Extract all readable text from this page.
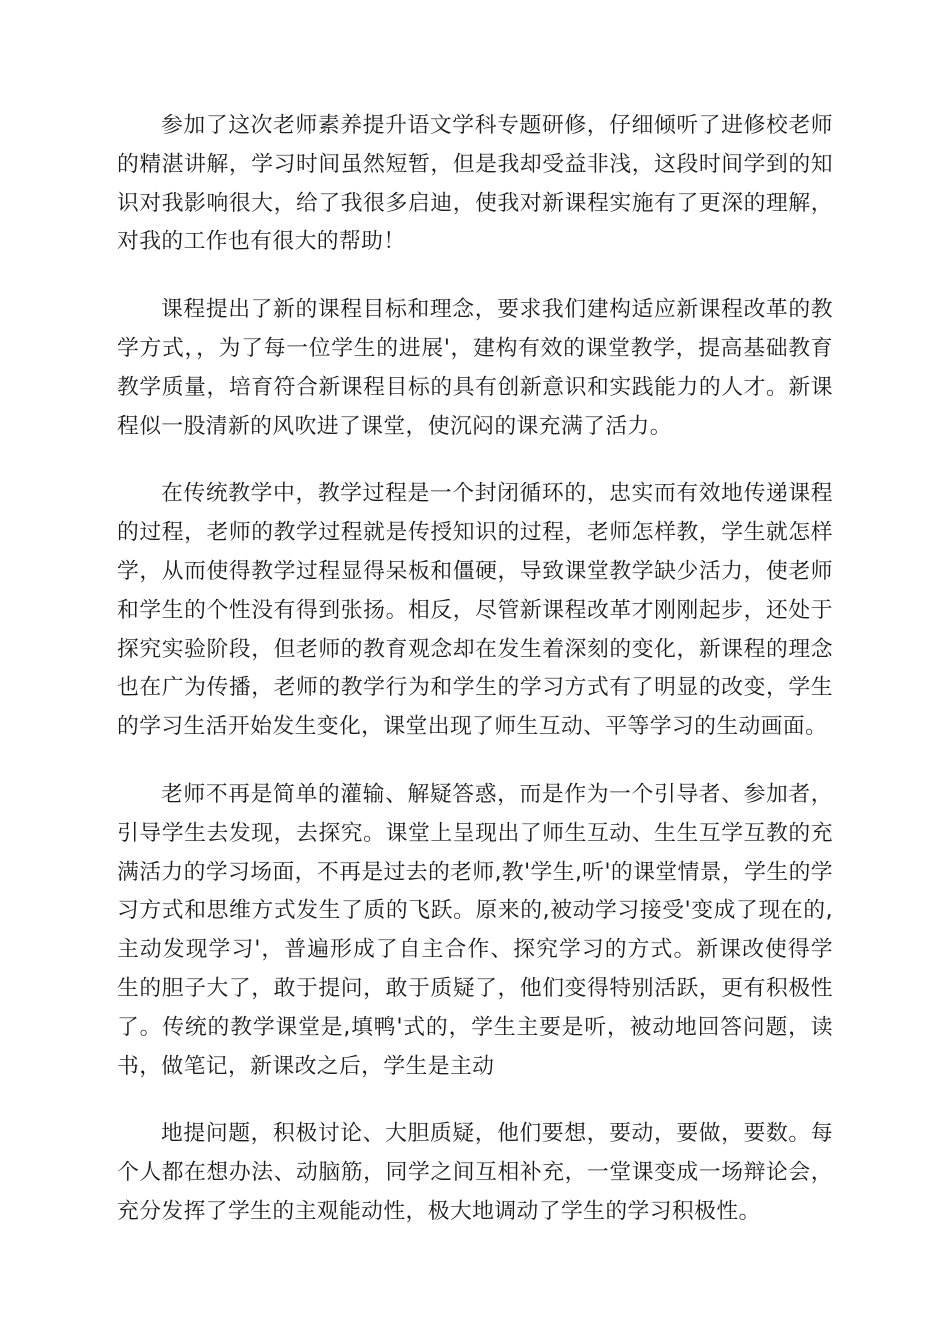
参加了这次老师素养提升语文学科专题研修，仔细倾听了进修校老师的精湛讲解，学习时间虽然短暂，但是我却受益非浅，这段时间学到的知识对我影响很大，给了我很多启迪，使我对新课程实施有了更深的理解，对我的工作也有很大的帮助！

课程提出了新的课程目标和理念，要求我们建构适应新课程改革的教学方式，，为了每一位学生的进展'，建构有效的课堂教学，提高基础教育教学质量，培育符合新课程目标的具有创新意识和实践能力的人才。新课程似一股清新的风吹进了课堂，使沉闷的课充满了活力。

在传统教学中，教学过程是一个封闭循环的，忠实而有效地传递课程的过程，老师的教学过程就是传授知识的过程，老师怎样教，学生就怎样学，从而使得教学过程显得呆板和僵硬，导致课堂教学缺少活力，使老师和学生的个性没有得到张扬。相反，尽管新课程改革才刚刚起步，还处于探究实验阶段，但老师的教育观念却在发生着深刻的变化，新课程的理念也在广为传播，老师的教学行为和学生的学习方式有了明显的改变，学生的学习生活开始发生变化，课堂出现了师生互动、平等学习的生动画面。

老师不再是简单的灌输、解疑答惑，而是作为一个引导者、参加者，引导学生去发现，去探究。课堂上呈现出了师生互动、生生互学互教的充满活力的学习场面，不再是过去的老师,教'学生,听'的课堂情景，学生的学习方式和思维方式发生了质的飞跃。原来的,被动学习接受'变成了现在的,主动发现学习'，普遍形成了自主合作、探究学习的方式。新课改使得学生的胆子大了，敢于提问，敢于质疑了，他们变得特别活跃，更有积极性了。传统的教学课堂是,填鸭'式的，学生主要是听，被动地回答问题，读书，做笔记，新课改之后，学生是主动

地提问题，积极讨论、大胆质疑，他们要想，要动，要做，要数。每个人都在想办法、动脑筋，同学之间互相补充，一堂课变成一场辩论会，充分发挥了学生的主观能动性，极大地调动了学生的学习积极性。
